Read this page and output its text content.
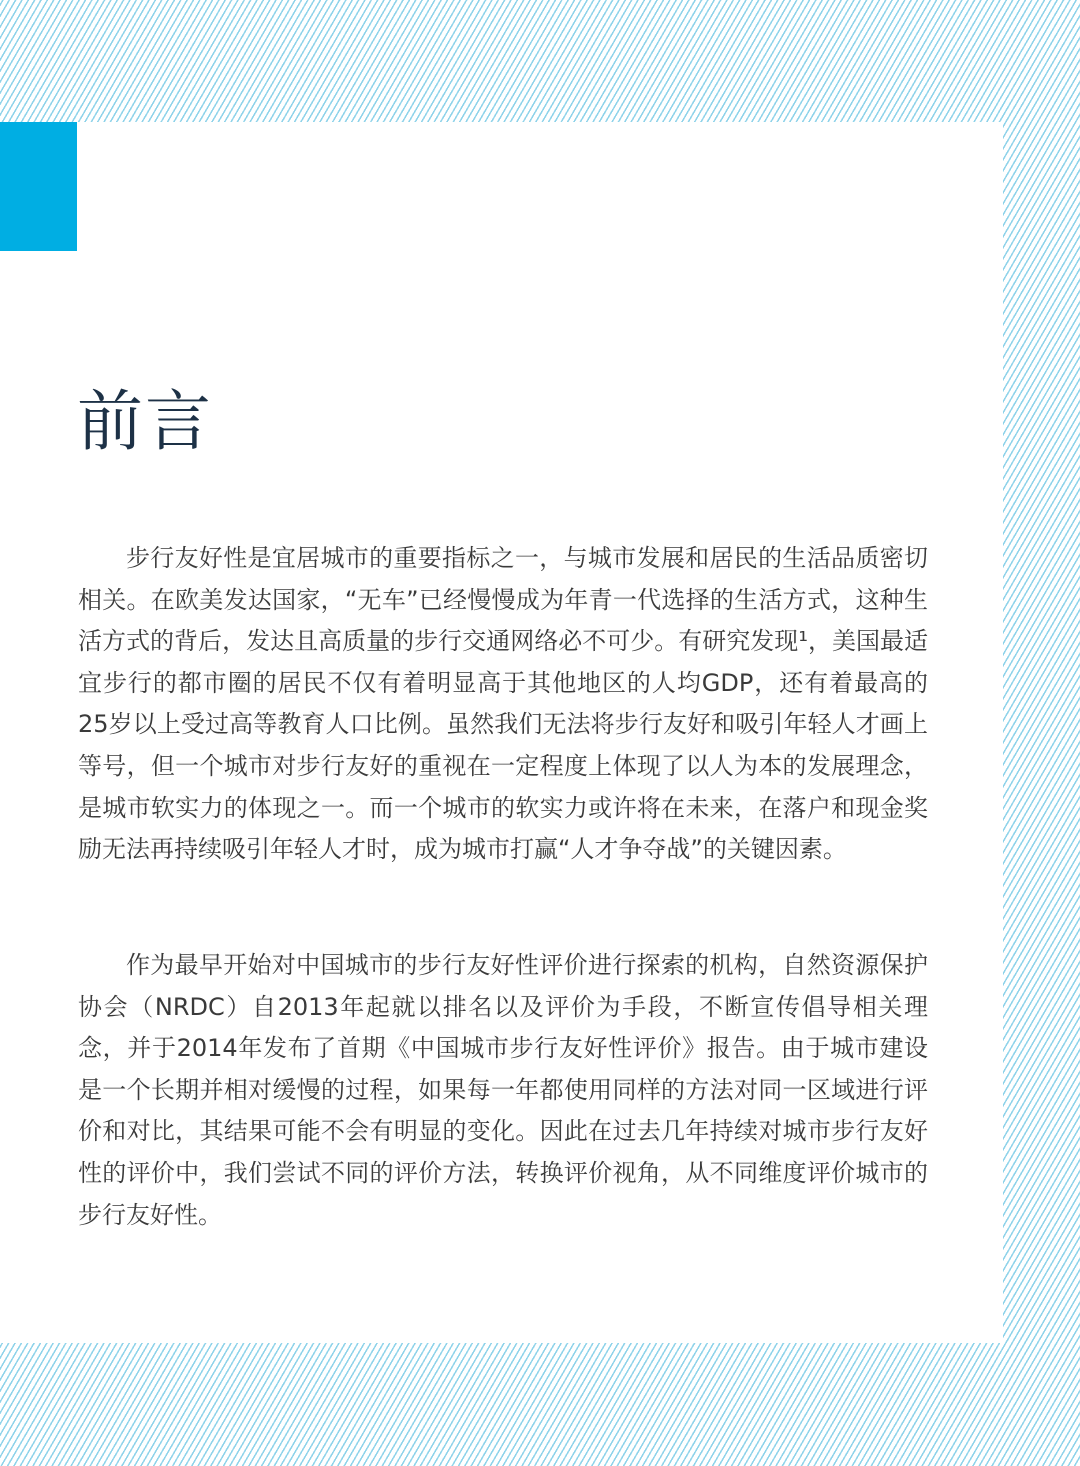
前言

步行友好性是宜居城市的重要指标之一，与城市发展和居民的生活品质密切相关。在欧美发达国家，“无车”已经慢慢成为年青一代选择的生活方式，这种生活方式的背后，发达且高质量的步行交通网络必不可少。有研究发现¹，美国最适宜步行的都市圈的居民不仅有着明显高于其他地区的人均GDP，还有着最高的25岁以上受过高等教育人口比例。虽然我们无法将步行友好和吸引年轻人才画上等号，但一个城市对步行友好的重视在一定程度上体现了以人为本的发展理念，是城市软实力的体现之一。而一个城市的软实力或许将在未来，在落户和现金奖励无法再持续吸引年轻人才时，成为城市打赢“人才争夺战”的关键因素。

作为最早开始对中国城市的步行友好性评价进行探索的机构，自然资源保护协会（NRDC）自2013年起就以排名以及评价为手段，不断宣传倡导相关理念，并于2014年发布了首期《中国城市步行友好性评价》报告。由于城市建设是一个长期并相对缓慢的过程，如果每一年都使用同样的方法对同一区域进行评价和对比，其结果可能不会有明显的变化。因此在过去几年持续对城市步行友好性的评价中，我们尝试不同的评价方法，转换评价视角，从不同维度评价城市的步行友好性。
